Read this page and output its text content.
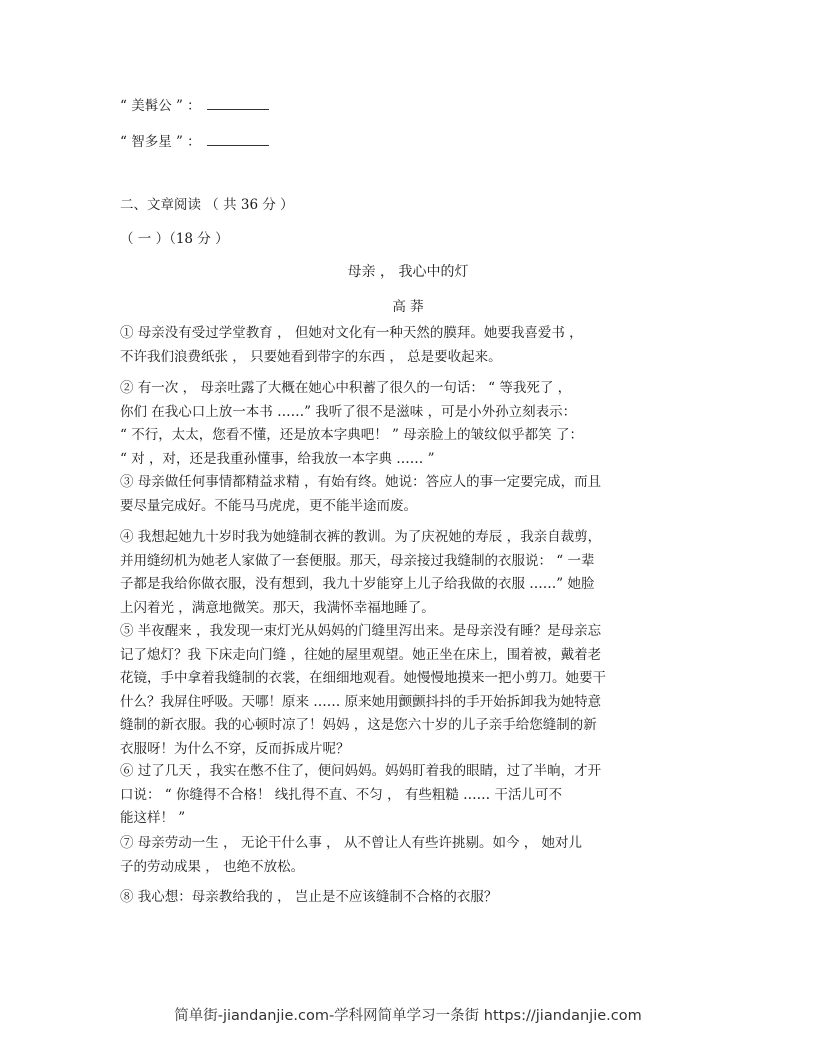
“ 美髯公 ” ：
“ 智多星 ” ：
二、文章阅读 （ 共 36 分 ）
（ 一 ）（18 分 ）
母亲 ， 我心中的灯
高 莽
① 母亲没有受过学堂教育 ， 但她对文化有一种天然的膜拜。她要我喜爱书 ，
不许我们浪费纸张 ， 只要她看到带字的东西 ， 总是要收起来。
② 有一次 ， 母亲吐露了大概在她心中积蓄了很久的一句话： “ 等我死了 ，
你们 在我心口上放一本书 ……” 我听了很不是滋味 ，可是小外孙立刻表示：
“ 不行，太太，您看不懂，还是放本字典吧！ ” 母亲脸上的皱纹似乎都笑 了：
“ 对 ，对，还是我重孙懂事，给我放一本字典 …… ”
③ 母亲做任何事情都精益求精 ，有始有终。她说：答应人的事一定要完成，而且
要尽量完成好。不能马马虎虎，更不能半途而废。
④ 我想起她九十岁时我为她缝制衣裤的教训。为了庆祝她的寿辰 ，我亲自裁剪，
并用缝纫机为她老人家做了一套便服。那天，母亲接过我缝制的衣服说： “ 一辈
子都是我给你做衣服，没有想到，我九十岁能穿上儿子给我做的衣服 ……” 她脸
上闪着光 ，满意地微笑。那天，我满怀幸福地睡了。
⑤ 半夜醒来 ，我发现一束灯光从妈妈的门缝里泻出来。是母亲没有睡？是母亲忘
记了熄灯？我 下床走向门缝 ，往她的屋里观望。她正坐在床上，围着被，戴着老
花镜，手中拿着我缝制的衣裳，在细细地观看。她慢慢地摸来一把小剪刀。她要干
什么？我屏住呼吸。天哪！原来 …… 原来她用颤颤抖抖的手开始拆卸我为她特意
缝制的新衣服。我的心顿时凉了！妈妈 ，这是您六十岁的儿子亲手给您缝制的新
衣服呀！为什么不穿，反而拆成片呢？
⑥ 过了几天 ，我实在憋不住了，便问妈妈。妈妈盯着我的眼睛，过了半晌，才开
口说： “ 你缝得不合格！ 线扎得不直、不匀 ， 有些粗糙 …… 干活儿可不
能这样！ ”
⑦ 母亲劳动一生 ， 无论干什么事 ， 从不曾让人有些许挑剔。如今 ， 她对儿
子的劳动成果 ， 也绝不放松。
⑧ 我心想：母亲教给我的 ， 岂止是不应该缝制不合格的衣服？
简单街-jiandanjie.com-学科网简单学习一条街 https://jiandanjie.com
